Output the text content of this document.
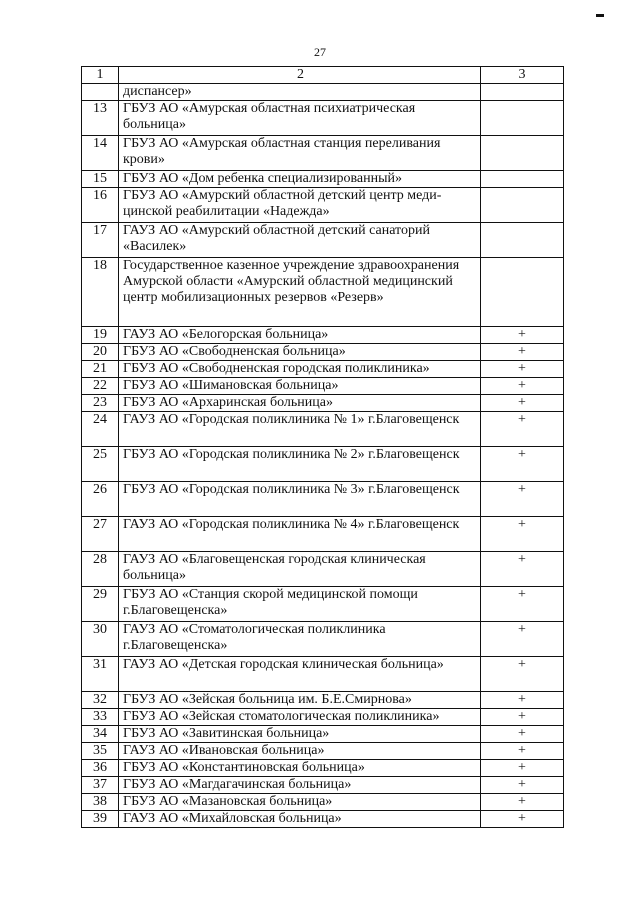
27
1	2	3
	диспансер»	
13	ГБУЗ АО «Амурская областная психиатрическая больница»	
14	ГБУЗ АО «Амурская областная станция переливания крови»	
15	ГБУЗ АО «Дом ребенка специализированный»	
16	ГБУЗ АО «Амурский областной детский центр медицинской реабилитации «Надежда»	
17	ГАУЗ АО «Амурский областной детский санаторий «Василек»	
18	Государственное казенное учреждение здравоохранения Амурской области «Амурский областной медицинский центр мобилизационных резервов «Резерв»	
19	ГАУЗ АО «Белогорская больница»	+
20	ГБУЗ АО «Свободненская больница»	+
21	ГБУЗ АО «Свободненская городская поликлиника»	+
22	ГБУЗ АО «Шимановская больница»	+
23	ГБУЗ АО «Архаринская больница»	+
24	ГАУЗ АО «Городская поликлиника № 1» г.Благовещенск	+
25	ГБУЗ АО «Городская поликлиника № 2» г.Благовещенск	+
26	ГБУЗ АО «Городская поликлиника № 3» г.Благовещенск	+
27	ГАУЗ АО «Городская поликлиника № 4» г.Благовещенск	+
28	ГАУЗ АО «Благовещенская городская клиническая больница»	+
29	ГБУЗ АО «Станция скорой медицинской помощи г.Благовещенска»	+
30	ГАУЗ АО «Стоматологическая поликлиника г.Благовещенска»	+
31	ГАУЗ АО «Детская городская клиническая больница»	+
32	ГБУЗ АО «Зейская больница им. Б.Е.Смирнова»	+
33	ГБУЗ АО «Зейская стоматологическая поликлиника»	+
34	ГБУЗ АО «Завитинская больница»	+
35	ГАУЗ АО «Ивановская больница»	+
36	ГБУЗ АО «Константиновская больница»	+
37	ГБУЗ АО «Магдагачинская больница»	+
38	ГБУЗ АО «Мазановская больница»	+
39	ГАУЗ АО «Михайловская больница»	+
